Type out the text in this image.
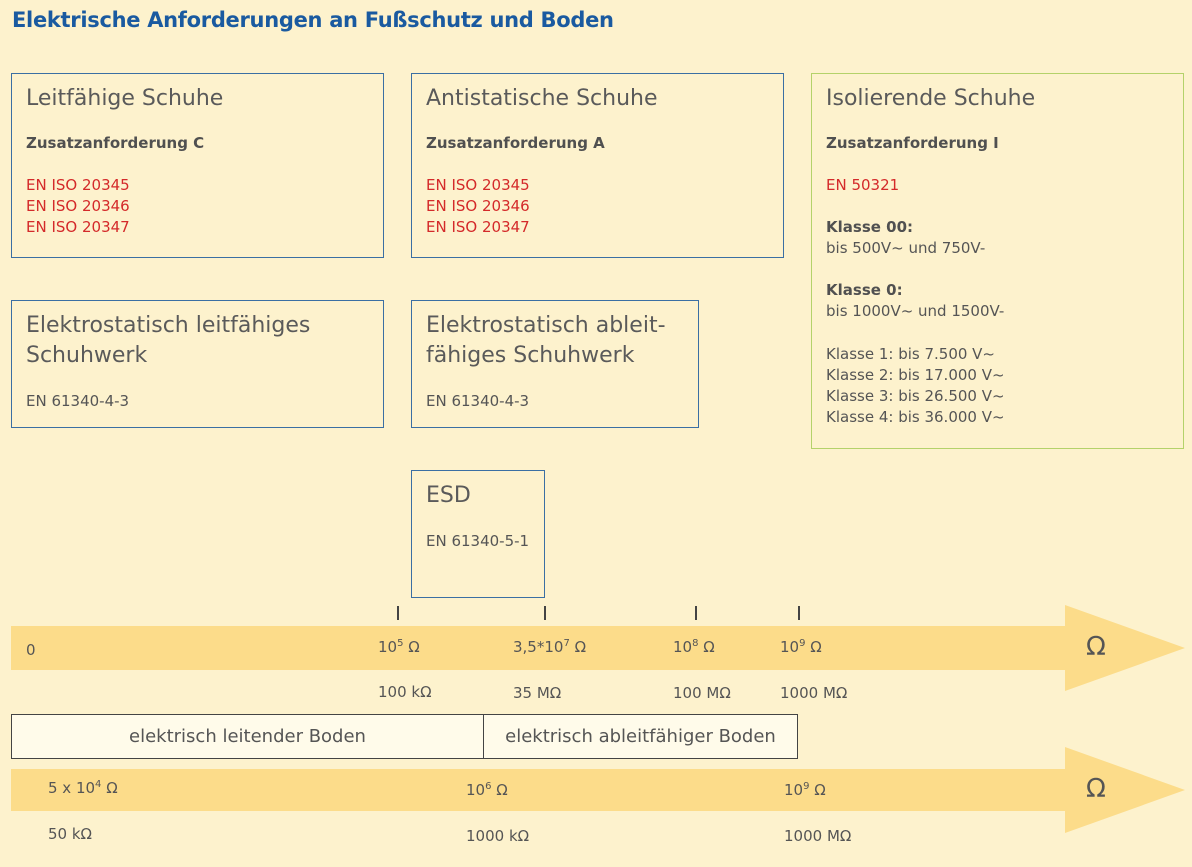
Elektrische Anforderungen an Fußschutz und Boden
Leitfähige Schuhe
Zusatzanforderung C
EN ISO 20345
EN ISO 20346
EN ISO 20347
Antistatische Schuhe
Zusatzanforderung A
EN ISO 20345
EN ISO 20346
EN ISO 20347
Isolierende Schuhe
Zusatzanforderung I
EN 50321
Klasse 00:
bis 500V~ und 750V-
Klasse 0:
bis 1000V~ und 1500V-
Klasse 1: bis 7.500 V~
Klasse 2: bis 17.000 V~
Klasse 3: bis 26.500 V~
Klasse 4: bis 36.000 V~
Elektrostatisch leitfähiges
Schuhwerk
EN 61340-4-3
Elektrostatisch ableit-
fähiges Schuhwerk
EN 61340-4-3
ESD
EN 61340-5-1
0	$10^5$ Ω	$3,5*10^7$ Ω	$10^8$ Ω	$10^9$ Ω	Ω
100 kΩ	35 MΩ	100 MΩ	1000 MΩ
elektrisch leitender Boden	elektrisch ableitfähiger Boden
5 x $10^4$ Ω	$10^6$ Ω	$10^9$ Ω	Ω
50 kΩ	1000 kΩ	1000 MΩ
